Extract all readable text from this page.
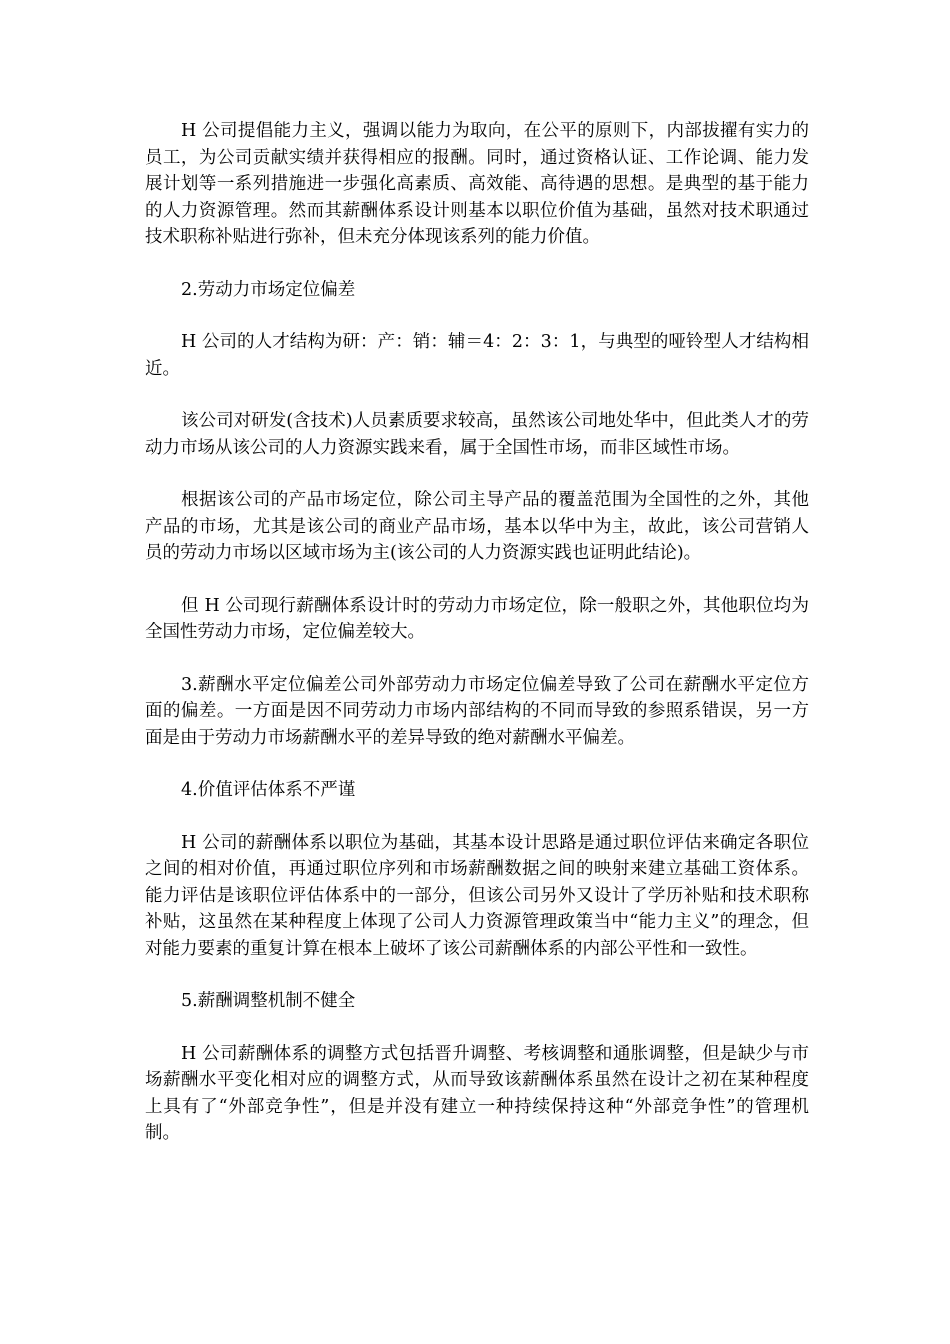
H 公司提倡能力主义，强调以能力为取向，在公平的原则下，内部拔擢有实力的员工，为公司贡献实绩并获得相应的报酬。同时，通过资格认证、工作论调、能力发展计划等一系列措施进一步强化高素质、高效能、高待遇的思想。是典型的基于能力的人力资源管理。然而其薪酬体系设计则基本以职位价值为基础，虽然对技术职通过技术职称补贴进行弥补，但未充分体现该系列的能力价值。

2.劳动力市场定位偏差

H 公司的人才结构为研：产：销：辅＝4：2：3：1，与典型的哑铃型人才结构相近。

该公司对研发(含技术)人员素质要求较高，虽然该公司地处华中，但此类人才的劳动力市场从该公司的人力资源实践来看，属于全国性市场，而非区域性市场。

根据该公司的产品市场定位，除公司主导产品的覆盖范围为全国性的之外，其他产品的市场，尤其是该公司的商业产品市场，基本以华中为主，故此，该公司营销人员的劳动力市场以区域市场为主(该公司的人力资源实践也证明此结论)。

但 H 公司现行薪酬体系设计时的劳动力市场定位，除一般职之外，其他职位均为全国性劳动力市场，定位偏差较大。

3.薪酬水平定位偏差公司外部劳动力市场定位偏差导致了公司在薪酬水平定位方面的偏差。一方面是因不同劳动力市场内部结构的不同而导致的参照系错误，另一方面是由于劳动力市场薪酬水平的差异导致的绝对薪酬水平偏差。

4.价值评估体系不严谨

H 公司的薪酬体系以职位为基础，其基本设计思路是通过职位评估来确定各职位之间的相对价值，再通过职位序列和市场薪酬数据之间的映射来建立基础工资体系。能力评估是该职位评估体系中的一部分，但该公司另外又设计了学历补贴和技术职称补贴，这虽然在某种程度上体现了公司人力资源管理政策当中“能力主义”的理念，但对能力要素的重复计算在根本上破坏了该公司薪酬体系的内部公平性和一致性。

5.薪酬调整机制不健全

H 公司薪酬体系的调整方式包括晋升调整、考核调整和通胀调整，但是缺少与市场薪酬水平变化相对应的调整方式，从而导致该薪酬体系虽然在设计之初在某种程度上具有了“外部竞争性”，但是并没有建立一种持续保持这种“外部竞争性”的管理机制。
